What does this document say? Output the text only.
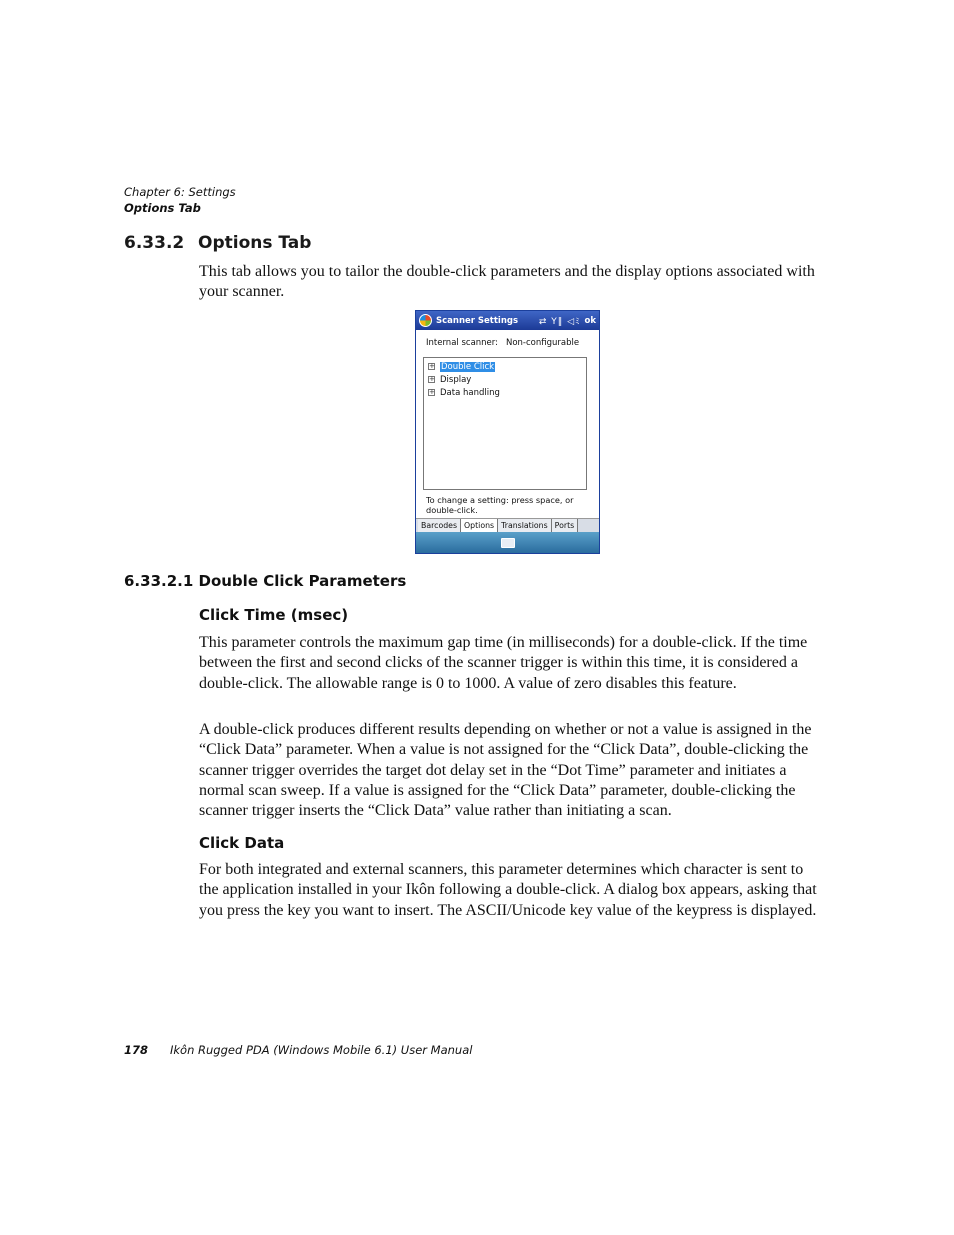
Chapter 6: Settings
Options Tab
6.33.2 Options Tab

This tab allows you to tailor the double-click parameters and the display options associated with your scanner.

Scanner Settings	⇄ Y‖ ◁ﾐ ok
Internal scanner: Non-configurable
+ Double Click
+ Display
+ Data handling
To change a setting: press space, or double-click.
Barcodes Options Translations Ports
6.33.2.1 Double Click Parameters
Click Time (msec)

This parameter controls the maximum gap time (in milliseconds) for a double-click. If the time between the first and second clicks of the scanner trigger is within this time, it is considered a double-click. The allowable range is 0 to 1000. A value of zero disables this feature.

A double-click produces different results depending on whether or not a value is assigned in the “Click Data” parameter. When a value is not assigned for the “Click Data”, double-clicking the scanner trigger overrides the target dot delay set in the “Dot Time” parameter and initiates a normal scan sweep. If a value is assigned for the “Click Data” parameter, double-clicking the scanner trigger inserts the “Click Data” value rather than initiating a scan.

Click Data

For both integrated and external scanners, this parameter determines which character is sent to the application installed in your Ikôn following a double-click. A dialog box appears, asking that you press the key you want to insert. The ASCII/Unicode key value of the keypress is displayed.

178 Ikôn Rugged PDA (Windows Mobile 6.1) User Manual
